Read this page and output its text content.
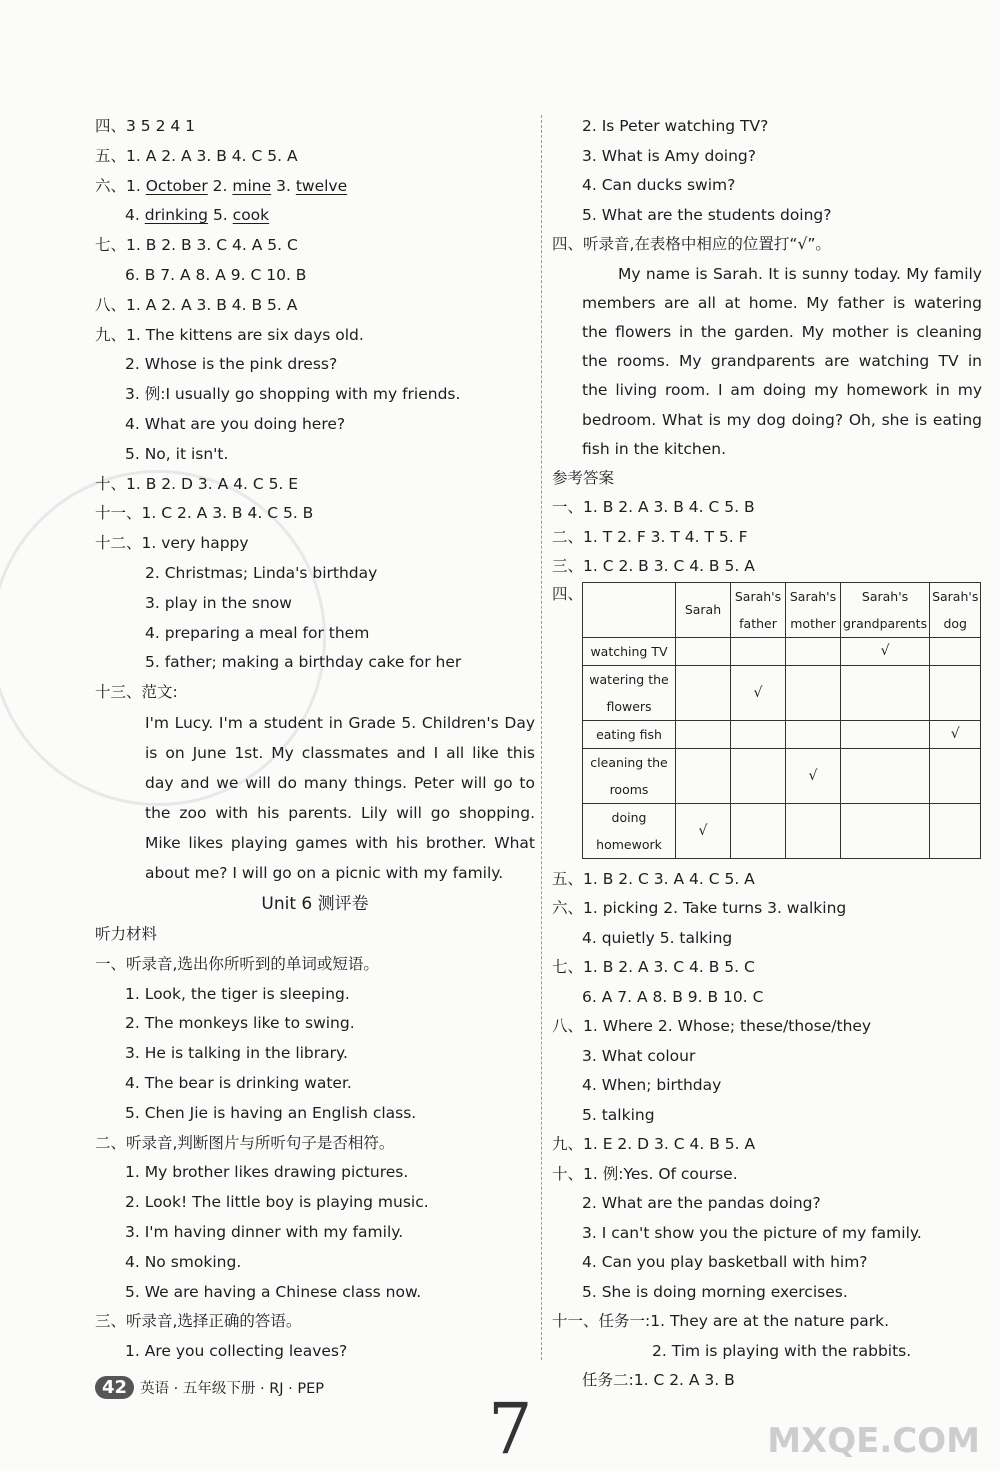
四、3 5 2 4 1
五、1. A 2. A 3. B 4. C 5. A
六、1. October 2. mine 3. twelve
4. drinking 5. cook
七、1. B 2. B 3. C 4. A 5. C
6. B 7. A 8. A 9. C 10. B
八、1. A 2. A 3. B 4. B 5. A
九、1. The kittens are six days old.
2. Whose is the pink dress?
3. 例:I usually go shopping with my friends.
4. What are you doing here?
5. No, it isn't.
十、1. B 2. D 3. A 4. C 5. E
十一、1. C 2. A 3. B 4. C 5. B
十二、1. very happy
2. Christmas; Linda's birthday
3. play in the snow
4. preparing a meal for them
5. father; making a birthday cake for her
十三、范文:
I'm Lucy. I'm a student in Grade 5. Children's Day is on June 1st. My classmates and I all like this day and we will do many things. Peter will go to the zoo with his parents. Lily will go shopping. Mike likes playing games with his brother. What about me? I will go on a picnic with my family.
Unit 6 测评卷
听力材料
一、听录音,选出你所听到的单词或短语。
1. Look, the tiger is sleeping.
2. The monkeys like to swing.
3. He is talking in the library.
4. The bear is drinking water.
5. Chen Jie is having an English class.
二、听录音,判断图片与所听句子是否相符。
1. My brother likes drawing pictures.
2. Look! The little boy is playing music.
3. I'm having dinner with my family.
4. No smoking.
5. We are having a Chinese class now.
三、听录音,选择正确的答语。
1. Are you collecting leaves?
2. Is Peter watching TV?
3. What is Amy doing?
4. Can ducks swim?
5. What are the students doing?
四、听录音,在表格中相应的位置打“√”。
My name is Sarah. It is sunny today. My family members are all at home. My father is watering the flowers in the garden. My mother is cleaning the rooms. My grandparents are watching TV in the living room. I am doing my homework in my bedroom. What is my dog doing? Oh, she is eating fish in the kitchen.
参考答案
一、1. B 2. A 3. B 4. C 5. B
二、1. T 2. F 3. T 4. T 5. F
三、1. C 2. B 3. C 4. B 5. A
四、
	Sarah	Sarah's father	Sarah's mother	Sarah's grandparents	Sarah's dog
watching TV				√	
watering the flowers		√			
eating fish					√
cleaning the rooms			√		
doing homework	√				
五、1. B 2. C 3. A 4. C 5. A
六、1. picking 2. Take turns 3. walking
4. quietly 5. talking
七、1. B 2. A 3. C 4. B 5. C
6. A 7. A 8. B 9. B 10. C
八、1. Where 2. Whose; these/those/they
3. What colour
4. When; birthday
5. talking
九、1. E 2. D 3. C 4. B 5. A
十、1. 例:Yes. Of course.
2. What are the pandas doing?
3. I can't show you the picture of my family.
4. Can you play basketball with him?
5. She is doing morning exercises.
十一、任务一:1. They are at the nature park.
2. Tim is playing with the rabbits.
任务二:1. C 2. A 3. B
42 英语 · 五年级下册 · RJ · PEP 7	MXQE.COM
